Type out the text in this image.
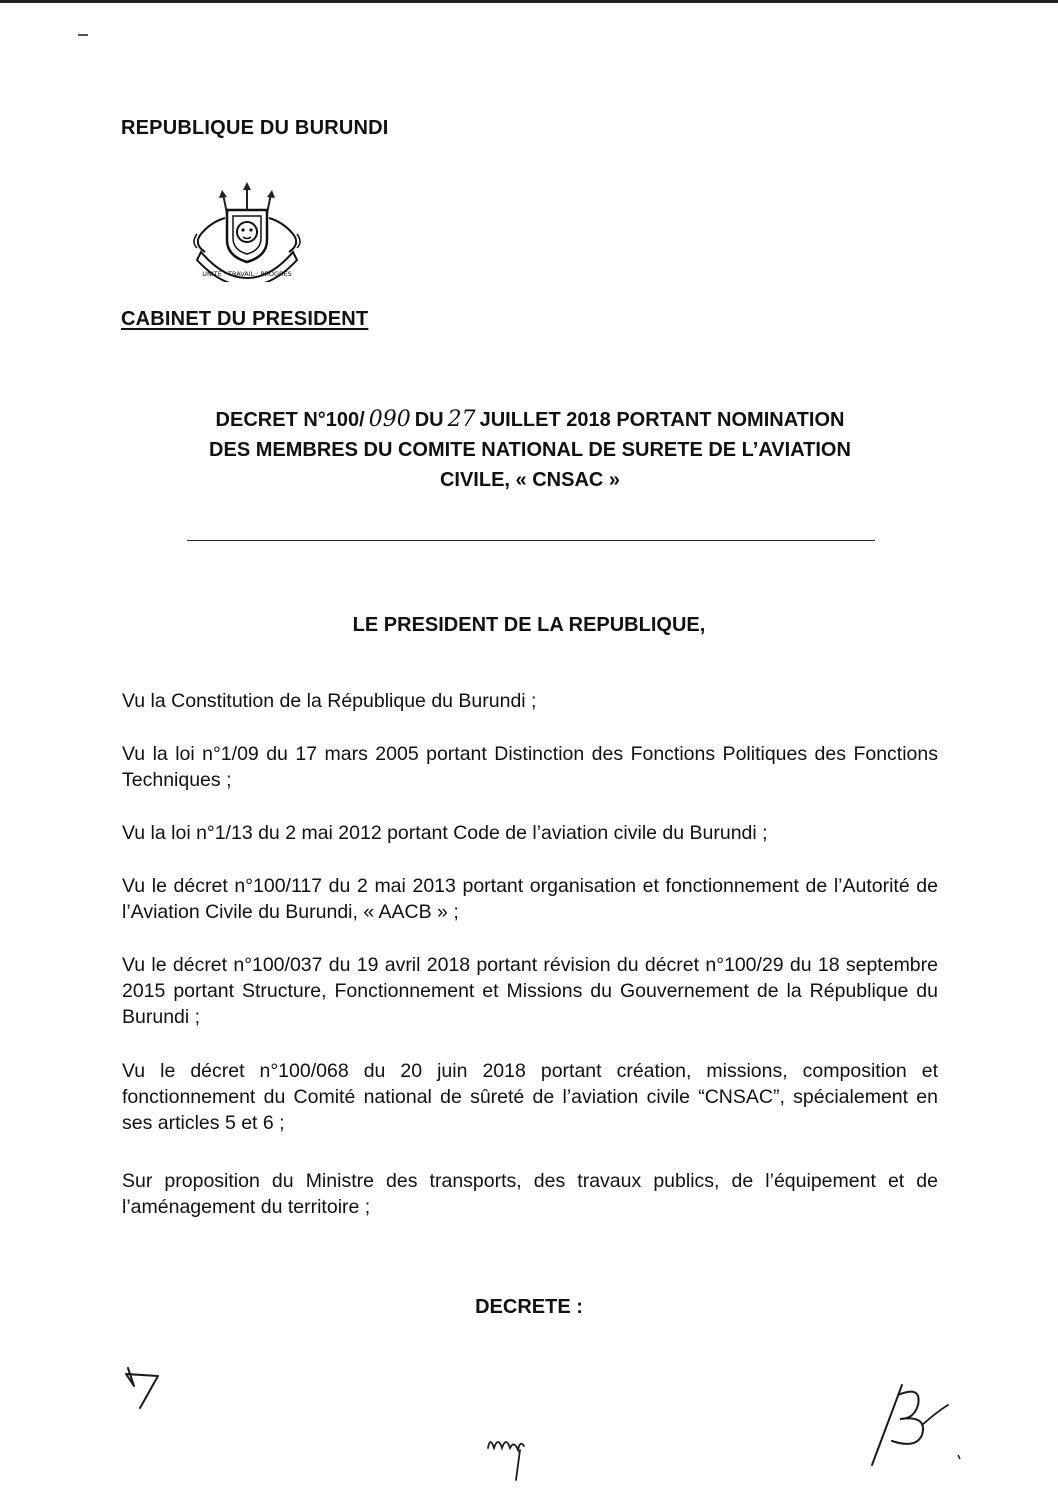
REPUBLIQUE DU BURUNDI
UNITÉ · TRAVAIL · PROGRÈS
CABINET DU PRESIDENT
DECRET N°100/ 090 DU 27 JUILLET 2018 PORTANT NOMINATION
DES MEMBRES DU COMITE NATIONAL DE SURETE DE L’AVIATION
CIVILE, « CNSAC »
LE PRESIDENT DE LA REPUBLIQUE,

Vu la Constitution de la République du Burundi ;

Vu la loi n°1/09 du 17 mars 2005 portant Distinction des Fonctions Politiques des Fonctions Techniques ;

Vu la loi n°1/13 du 2 mai 2012 portant Code de l’aviation civile du Burundi ;

Vu le décret n°100/117 du 2 mai 2013 portant organisation et fonctionnement de l’Autorité de l’Aviation Civile du Burundi, « AACB » ;

Vu le décret n°100/037 du 19 avril 2018 portant révision du décret n°100/29 du 18 septembre 2015 portant Structure, Fonctionnement et Missions du Gouvernement de la République du Burundi ;

Vu le décret n°100/068 du 20 juin 2018 portant création, missions, composition et fonctionnement du Comité national de sûreté de l’aviation civile “CNSAC”, spécialement en ses articles 5 et 6 ;

Sur proposition du Ministre des transports, des travaux publics, de l’équipement et de l’aménagement du territoire ;

DECRETE :
